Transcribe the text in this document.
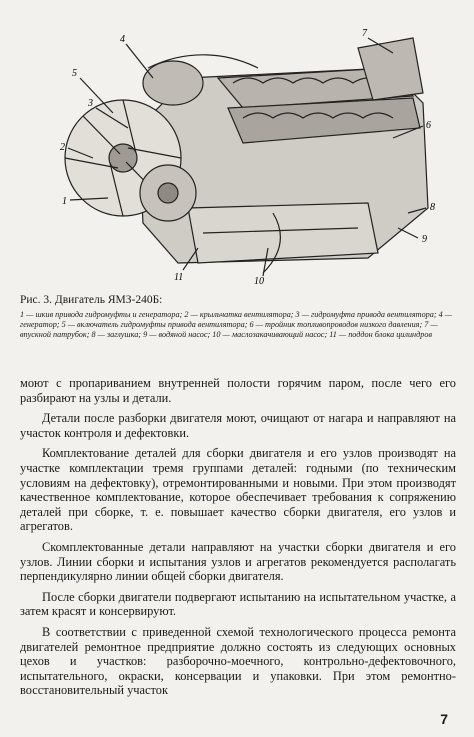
4
5
3
2
1
6
7
8
9
10
11
Рис. 3. Двигатель ЯМЗ-240Б:
1 — шкив привода гидромуфты и генератора; 2 — крыльчатка вентилятора; 3 — гидромуфта привода вентилятора; 4 — генератор; 5 — включатель гидромуфты привода вентилятора; 6 — тройник топливопроводов низкого давления; 7 — впускной патрубок; 8 — заглушка; 9 — водяной насос; 10 — маслозакачивающий насос; 11 — поддон блока цилиндров

моют с пропариванием внутренней полости горячим паром, после чего его разбирают на узлы и детали.

Детали после разборки двигателя моют, очищают от нагара и направляют на участок контроля и дефектовки.

Комплектование деталей для сборки двигателя и его узлов производят на участке комплектации тремя группами деталей: годными (по техническим условиям на дефектовку), отремонтированными и новыми. При этом производят качественное комплектование, которое обеспечивает требования к сопряжению деталей при сборке, т. е. повышает качество сборки двигателя, его узлов и агрегатов.

Скомплектованные детали направляют на участки сборки двигателя и его узлов. Линии сборки и испытания узлов и агрегатов рекомендуется располагать перпендикулярно линии общей сборки двигателя.

После сборки двигатели подвергают испытанию на испытательном участке, а затем красят и консервируют.

В соответствии с приведенной схемой технологического процесса ремонта двигателей ремонтное предприятие должно состоять из следующих основных цехов и участков: разборочно-моечного, контрольно-дефектовочного, испытательного, окраски, консервации и упаковки. При этом ремонтно-восстановительный участок

7
